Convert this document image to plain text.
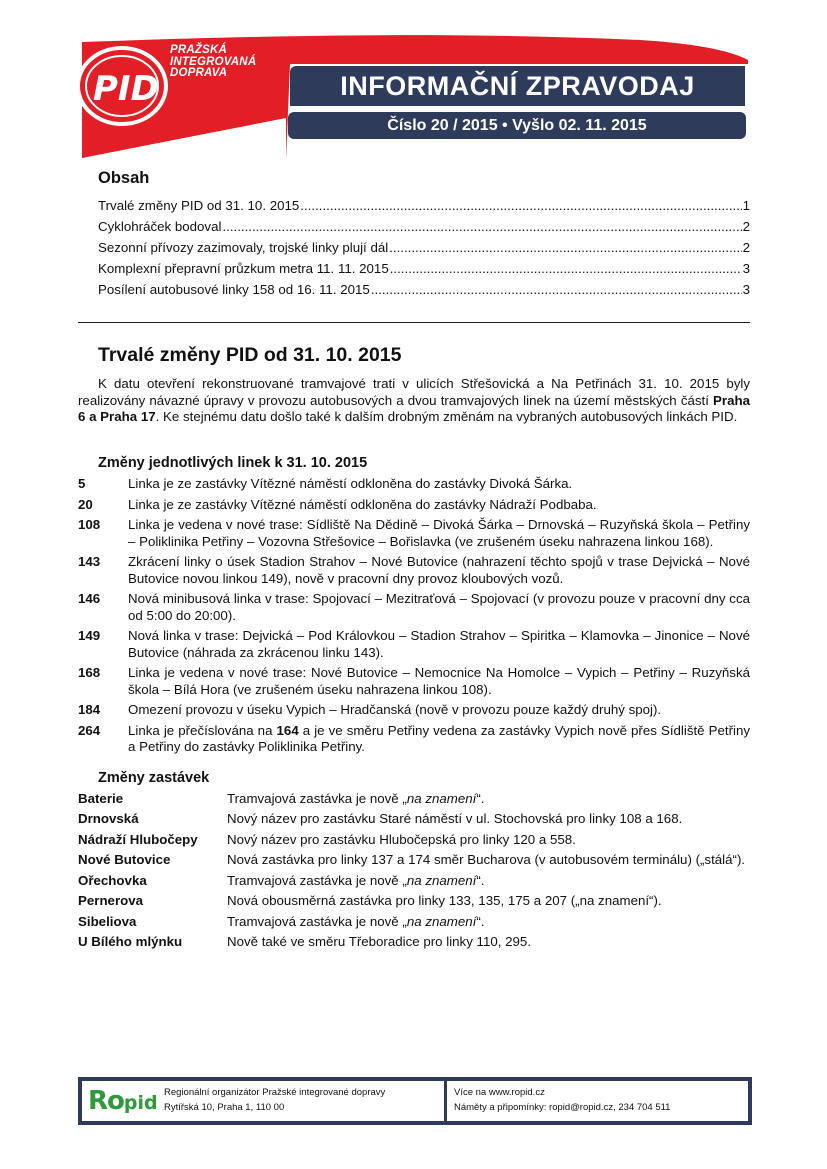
PID
PRAŽSKÁ
INTEGROVANÁ
DOPRAVA	INFORMAČNÍ ZPRAVODAJ
Číslo 20 / 2015 • Vyšlo 02. 11. 2015
Obsah
Trvalé změny PID od 31. 10. 2015 .....	1
Cyklohráček bodoval .....	2
Sezonní přívozy zazimovaly, trojské linky plují dál .....	2
Komplexní přepravní průzkum metra 11. 11. 2015 .....	3
Posílení autobusové linky 158 od 16. 11. 2015 .....	3
Trvalé změny PID od 31. 10. 2015

K datu otevření rekonstruované tramvajové trati v ulicích Střešovická a Na Petřinách 31. 10. 2015 byly realizovány návazné úpravy v provozu autobusových a dvou tramvajových linek na území městských částí Praha 6 a Praha 17. Ke stejnému datu došlo také k dalším drobným změnám na vybraných autobusových linkách PID.

Změny jednotlivých linek k 31. 10. 2015
5	Linka je ze zastávky Vítězné náměstí odkloněna do zastávky Divoká Šárka.
20	Linka je ze zastávky Vítězné náměstí odkloněna do zastávky Nádraží Podbaba.
108	Linka je vedena v nové trase: Sídliště Na Dědině – Divoká Šárka – Drnovská – Ruzyňská škola – Petřiny – Poliklinika Petřiny – Vozovna Střešovice – Bořislavka (ve zrušeném úseku nahrazena linkou 168).
143	Zkrácení linky o úsek Stadion Strahov – Nové Butovice (nahrazení těchto spojů v trase Dejvická – Nové Butovice novou linkou 149), nově v pracovní dny provoz kloubových vozů.
146	Nová minibusová linka v trase: Spojovací – Mezitraťová – Spojovací (v provozu pouze v pracovní dny cca od 5:00 do 20:00).
149	Nová linka v trase: Dejvická – Pod Královkou – Stadion Strahov – Spiritka – Klamovka – Jinonice – Nové Butovice (náhrada za zkrácenou linku 143).
168	Linka je vedena v nové trase: Nové Butovice – Nemocnice Na Homolce – Vypich – Petřiny – Ruzyňská škola – Bílá Hora (ve zrušeném úseku nahrazena linkou 108).
184	Omezení provozu v úseku Vypich – Hradčanská (nově v provozu pouze každý druhý spoj).
264	Linka je přečíslována na 164 a je ve směru Petřiny vedena za zastávky Vypich nově přes Sídliště Petřiny a Petřiny do zastávky Poliklinika Petřiny.
Změny zastávek
Baterie	Tramvajová zastávka je nově „na znamení“.
Drnovská	Nový název pro zastávku Staré náměstí v ul. Stochovská pro linky 108 a 168.
Nádraží Hlubočepy	Nový název pro zastávku Hlubočepská pro linky 120 a 558.
Nové Butovice	Nová zastávka pro linky 137 a 174 směr Bucharova (v autobusovém terminálu) („stálá“).
Ořechovka	Tramvajová zastávka je nově „na znamení“.
Pernerova	Nová obousměrná zastávka pro linky 133, 135, 175 a 207 („na znamení“).
Sibeliova	Tramvajová zastávka je nově „na znamení“.
U Bílého mlýnku	Nově také ve směru Třeboradice pro linky 110, 295.
Ropid Regionální organizátor Pražské integrované dopravy
Rytířská 10, Praha 1, 110 00
Více na www.ropid.cz
Náměty a připomínky: ropid@ropid.cz, 234 704 511
